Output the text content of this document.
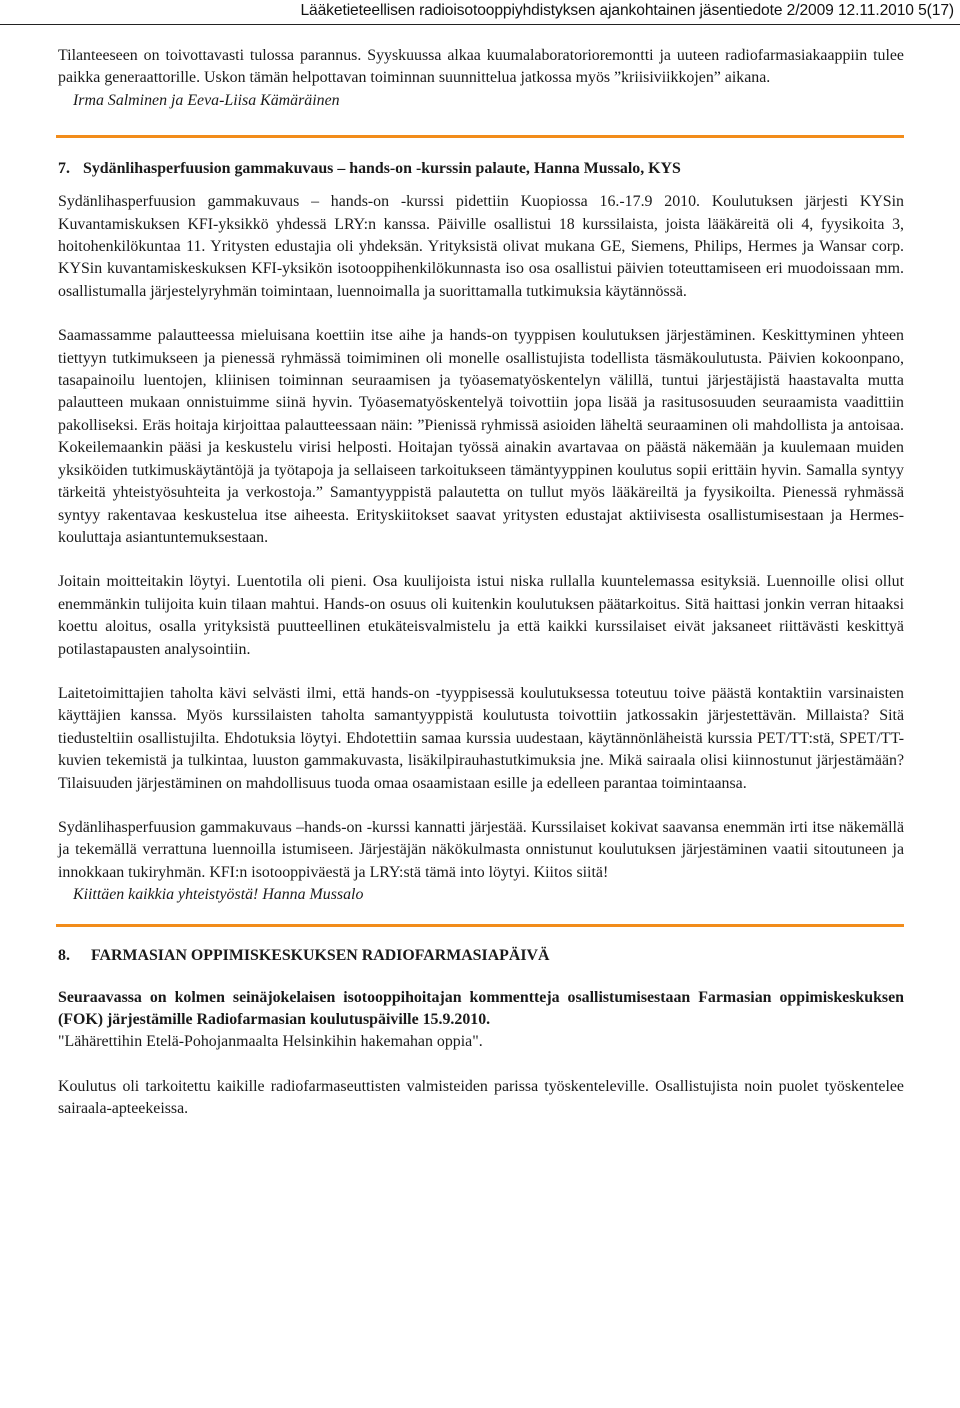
Lääketieteellisen radioisotooppiyhdistyksen ajankohtainen jäsentiedote 2/2009 12.11.2010 5(17)

Tilanteeseen on toivottavasti tulossa parannus. Syyskuussa alkaa kuumalaboratorioremontti ja uuteen radiofarmasiakaappiin tulee paikka generaattorille. Uskon tämän helpottavan toiminnan suunnittelua jatkossa myös ”kriisiviikkojen” aikana.

Irma Salminen ja Eeva-Liisa Kämäräinen

7. Sydänlihasperfuusion gammakuvaus – hands-on -kurssin palaute, Hanna Mussalo, KYS

Sydänlihasperfuusion gammakuvaus – hands-on -kurssi pidettiin Kuopiossa 16.-17.9 2010. Koulutuksen järjesti KYSin Kuvantamiskuksen KFI-yksikkö yhdessä LRY:n kanssa. Päiville osallistui 18 kurssilaista, joista lääkäreitä oli 4, fyysikoita 3, hoitohenkilökuntaa 11. Yritysten edustajia oli yhdeksän. Yrityksistä olivat mukana GE, Siemens, Philips, Hermes ja Wansar corp. KYSin kuvantamiskeskuksen KFI-yksikön isotooppihenkilökunnasta iso osa osallistui päivien toteuttamiseen eri muodoissaan mm. osallistumalla järjestelyryhmän toimintaan, luennoimalla ja suorittamalla tutkimuksia käytännössä.

Saamassamme palautteessa mieluisana koettiin itse aihe ja hands-on tyyppisen koulutuksen järjestäminen. Keskittyminen yhteen tiettyyn tutkimukseen ja pienessä ryhmässä toimiminen oli monelle osallistujista todellista täsmäkoulutusta. Päivien kokoonpano, tasapainoilu luentojen, kliinisen toiminnan seuraamisen ja työasematyöskentelyn välillä, tuntui järjestäjistä haastavalta mutta palautteen mukaan onnistuimme siinä hyvin. Työasematyöskentelyä toivottiin jopa lisää ja rasitusosuuden seuraamista vaadittiin pakolliseksi. Eräs hoitaja kirjoittaa palautteessaan näin: ”Pienissä ryhmissä asioiden läheltä seuraaminen oli mahdollista ja antoisaa. Kokeilemaankin pääsi ja keskustelu virisi helposti. Hoitajan työssä ainakin avartavaa on päästä näkemään ja kuulemaan muiden yksiköiden tutkimuskäytäntöjä ja työtapoja ja sellaiseen tarkoitukseen tämäntyyppinen koulutus sopii erittäin hyvin. Samalla syntyy tärkeitä yhteistyösuhteita ja verkostoja.” Samantyyppistä palautetta on tullut myös lääkäreiltä ja fyysikoilta. Pienessä ryhmässä syntyy rakentavaa keskustelua itse aiheesta. Erityskiitokset saavat yritysten edustajat aktiivisesta osallistumisestaan ja Hermes-kouluttaja asiantuntemuksestaan.

Joitain moitteitakin löytyi. Luentotila oli pieni. Osa kuulijoista istui niska rullalla kuuntelemassa esityksiä. Luennoille olisi ollut enemmänkin tulijoita kuin tilaan mahtui. Hands-on osuus oli kuitenkin koulutuksen päätarkoitus. Sitä haittasi jonkin verran hitaaksi koettu aloitus, osalla yrityksistä puutteellinen etukäteisvalmistelu ja että kaikki kurssilaiset eivät jaksaneet riittävästi keskittyä potilastapausten analysointiin.

Laitetoimittajien taholta kävi selvästi ilmi, että hands-on -tyyppisessä koulutuksessa toteutuu toive päästä kontaktiin varsinaisten käyttäjien kanssa. Myös kurssilaisten taholta samantyyppistä koulutusta toivottiin jatkossakin järjestettävän. Millaista? Sitä tiedusteltiin osallistujilta. Ehdotuksia löytyi. Ehdotettiin samaa kurssia uudestaan, käytännönläheistä kurssia PET/TT:stä, SPET/TT-kuvien tekemistä ja tulkintaa, luuston gammakuvasta, lisäkilpirauhastutkimuksia jne. Mikä sairaala olisi kiinnostunut järjestämään? Tilaisuuden järjestäminen on mahdollisuus tuoda omaa osaamistaan esille ja edelleen parantaa toimintaansa.

Sydänlihasperfuusion gammakuvaus –hands-on -kurssi kannatti järjestää. Kurssilaiset kokivat saavansa enemmän irti itse näkemällä ja tekemällä verrattuna luennoilla istumiseen. Järjestäjän näkökulmasta onnistunut koulutuksen järjestäminen vaatii sitoutuneen ja innokkaan tukiryhmän. KFI:n isotooppiväestä ja LRY:stä tämä into löytyi. Kiitos siitä!

Kiittäen kaikkia yhteistyöstä! Hanna Mussalo

8. FARMASIAN OPPIMISKESKUKSEN RADIOFARMASIAPÄIVÄ

Seuraavassa on kolmen seinäjokelaisen isotooppihoitajan kommentteja osallistumisestaan Farmasian oppimiskeskuksen (FOK) järjestämille Radiofarmasian koulutuspäiville 15.9.2010.

"Lähärettihin Etelä-Pohojanmaalta Helsinkihin hakemahan oppia".

Koulutus oli tarkoitettu kaikille radiofarmaseuttisten valmisteiden parissa työskenteleville. Osallistujista noin puolet työskentelee sairaala-apteekeissa.
